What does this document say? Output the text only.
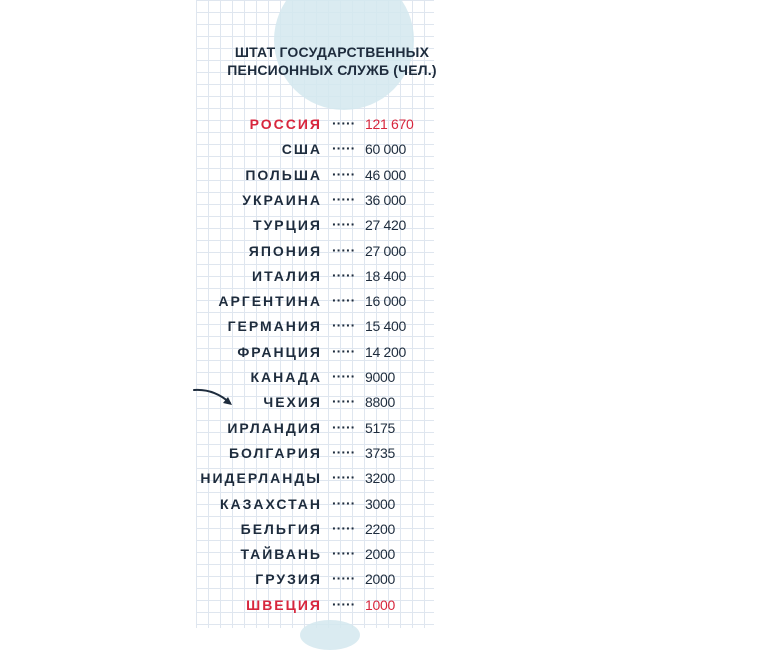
ШТАТ ГОСУДАРСТВЕННЫХ
ПЕНСИОННЫХ СЛУЖБ (ЧЕЛ.)
РОССИЯ ····· 121 670
США ····· 60 000
ПОЛЬША ····· 46 000
УКРАИНА ····· 36 000
ТУРЦИЯ ····· 27 420
ЯПОНИЯ ····· 27 000
ИТАЛИЯ ····· 18 400
АРГЕНТИНА ····· 16 000
ГЕРМАНИЯ ····· 15 400
ФРАНЦИЯ ····· 14 200
КАНАДА ····· 9000
ЧЕХИЯ ····· 8800
ИРЛАНДИЯ ····· 5175
БОЛГАРИЯ ····· 3735
НИДЕРЛАНДЫ ····· 3200
КАЗАХСТАН ····· 3000
БЕЛЬГИЯ ····· 2200
ТАЙВАНЬ ····· 2000
ГРУЗИЯ ····· 2000
ШВЕЦИЯ ····· 1000
